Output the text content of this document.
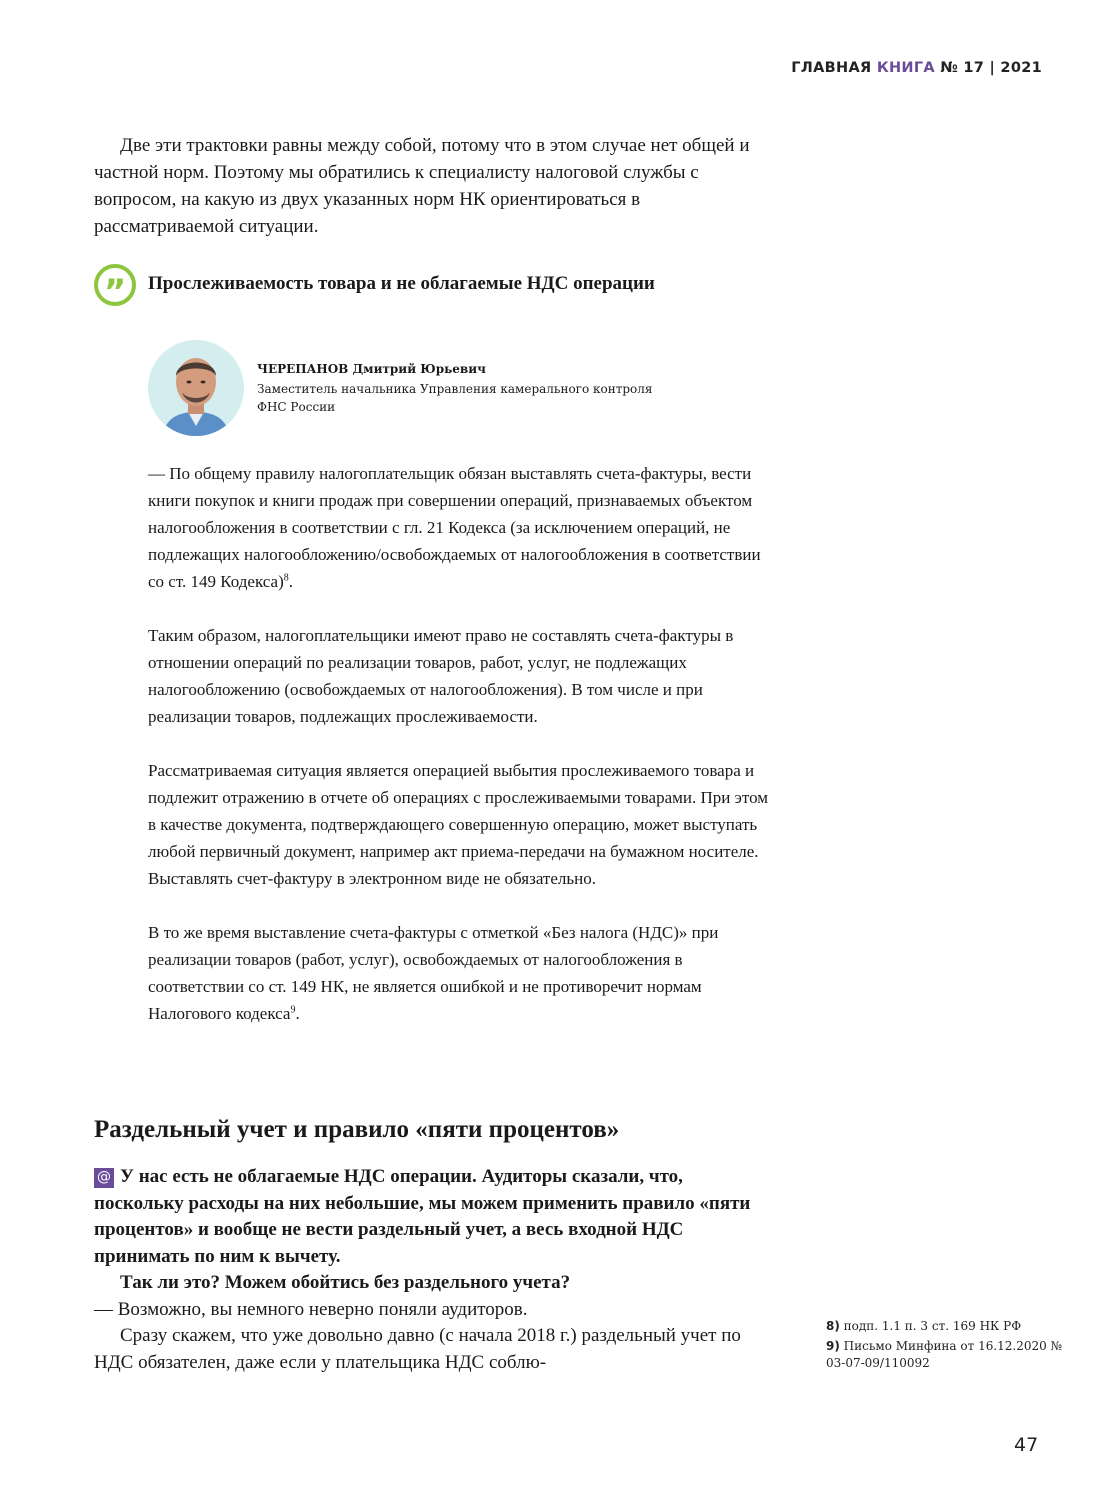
ГЛАВНАЯ КНИГА № 17 | 2021

Две эти трактовки равны между собой, потому что в этом случае нет общей и частной норм. Поэтому мы обратились к специалисту налоговой службы с вопросом, на какую из двух указанных норм НК ориентироваться в рассматриваемой ситуации.

” Прослеживаемость товара и не облагаемые НДС операции
ЧЕРЕПАНОВ Дмитрий Юрьевич
Заместитель начальника Управления камерального контроля
ФНС России

— По общему правилу налогоплательщик обязан выставлять счета-фактуры, вести книги покупок и книги продаж при совершении операций, признаваемых объектом налогообложения в соответствии с гл. 21 Кодекса (за исключением операций, не подлежащих налогообложению/освобождаемых от налогообложения в соответствии со ст. 149 Кодекса)$^8$.

Таким образом, налогоплательщики имеют право не составлять счета-фактуры в отношении операций по реализации товаров, работ, услуг, не подлежащих налогообложению (освобождаемых от налогообложения). В том числе и при реализации товаров, подлежащих прослеживаемости.

Рассматриваемая ситуация является операцией выбытия прослеживаемого товара и подлежит отражению в отчете об операциях с прослеживаемыми товарами. При этом в качестве документа, подтверждающего совершенную операцию, может выступать любой первичный документ, например акт приема-передачи на бумажном носителе. Выставлять счет-фактуру в электронном виде не обязательно.

В то же время выставление счета-фактуры с отметкой «Без налога (НДС)» при реализации товаров (работ, услуг), освобождаемых от налогообложения в соответствии со ст. 149 НК, не является ошибкой и не противоречит нормам Налогового кодекса$^9$.

Раздельный учет и правило «пяти процентов»

@ У нас есть не облагаемые НДС операции. Аудиторы сказали, что, поскольку расходы на них небольшие, мы можем применить правило «пяти процентов» и вообще не вести раздельный учет, а весь входной НДС принимать по ним к вычету.

Так ли это? Можем обойтись без раздельного учета?

— Возможно, вы немного неверно поняли аудиторов.

Сразу скажем, что уже довольно давно (с начала 2018 г.) раздельный учет по НДС обязателен, даже если у плательщика НДС соблю-

8) подп. 1.1 п. 3 ст. 169 НК РФ

9) Письмо Минфина от 16.12.2020 № 03-07-09/110092

47
